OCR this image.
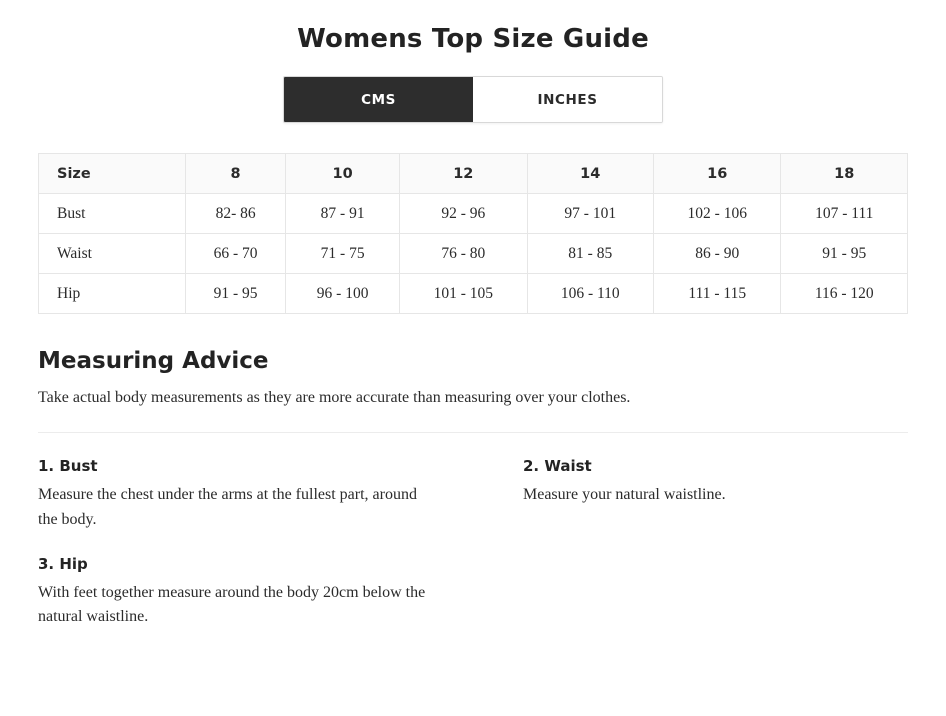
Womens Top Size Guide
CMS	INCHES
Size	8	10	12	14	16	18
Bust	82- 86	87 - 91	92 - 96	97 - 101	102 - 106	107 - 111
Waist	66 - 70	71 - 75	76 - 80	81 - 85	86 - 90	91 - 95
Hip	91 - 95	96 - 100	101 - 105	106 - 110	111 - 115	116 - 120
Measuring Advice

Take actual body measurements as they are more accurate than measuring over your clothes.

1. Bust

Measure the chest under the arms at the fullest part, around the body.

2. Waist

Measure your natural waistline.

3. Hip

With feet together measure around the body 20cm below the natural waistline.
